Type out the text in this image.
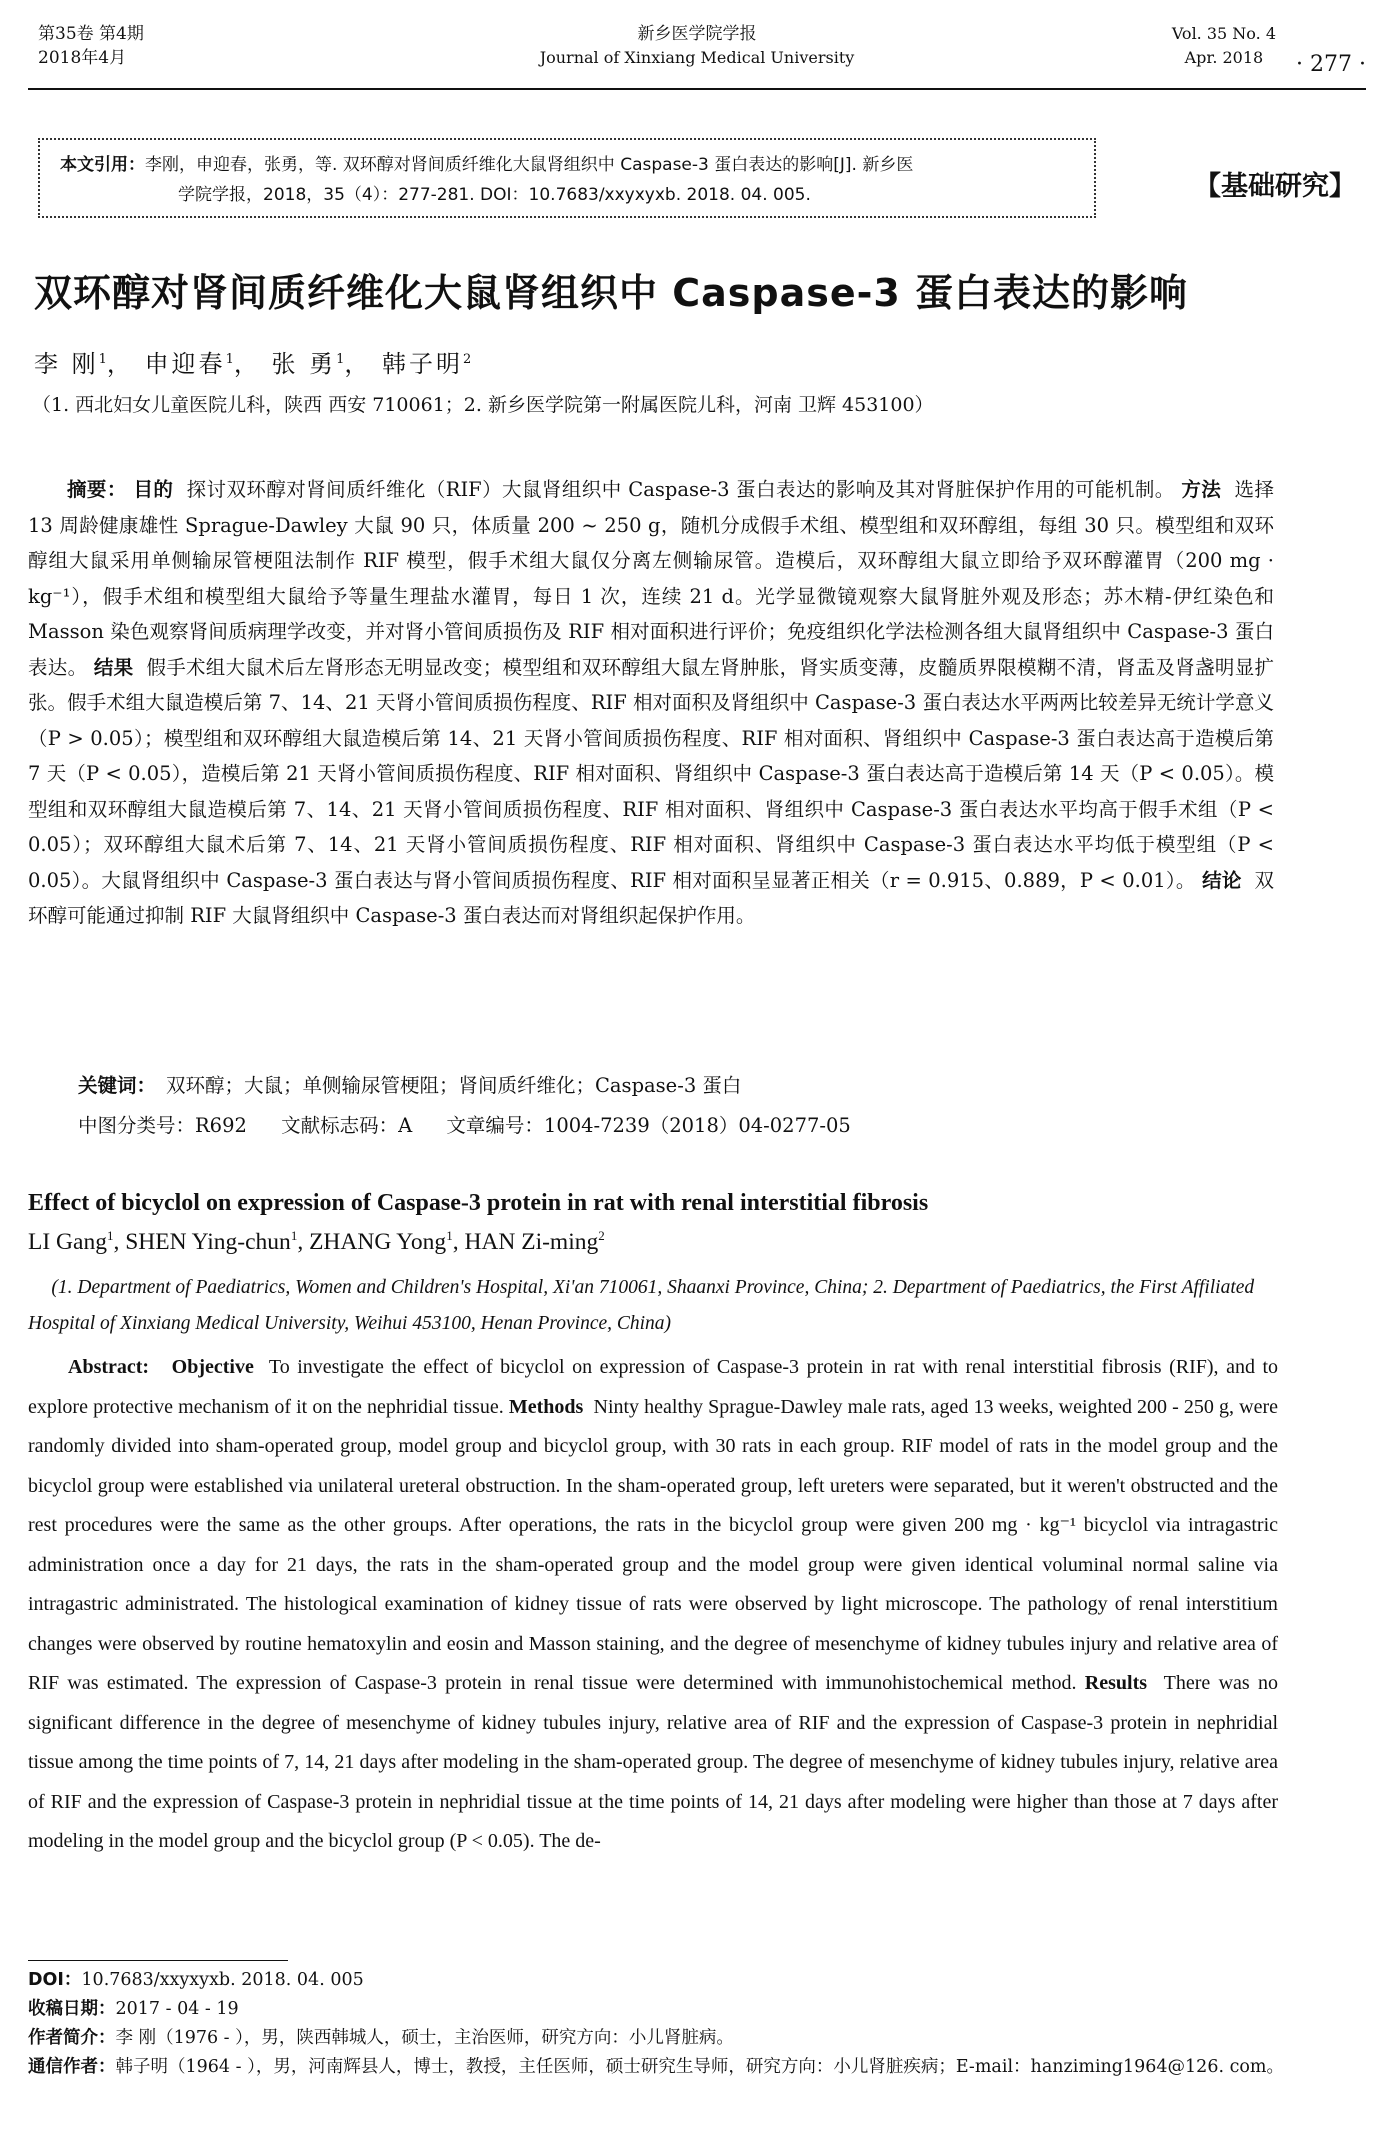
第35卷 第4期
2018年4月
新乡医学院学报
Journal of Xinxiang Medical University
Vol. 35 No. 4
Apr. 2018	· 277 ·
本文引用：李刚，申迎春，张勇，等. 双环醇对肾间质纤维化大鼠肾组织中 Caspase-3 蛋白表达的影响[J]. 新乡医
学院学报，2018，35（4）：277-281. DOI：10.7683/xxyxyxb. 2018. 04. 005.	【基础研究】
双环醇对肾间质纤维化大鼠肾组织中 Caspase-3 蛋白表达的影响
李 刚$^1$， 申迎春$^1$， 张 勇$^1$， 韩子明$^2$
（1. 西北妇女儿童医院儿科，陕西 西安 710061；2. 新乡医学院第一附属医院儿科，河南 卫辉 453100）
摘要： 目的 探讨双环醇对肾间质纤维化（RIF）大鼠肾组织中 Caspase-3 蛋白表达的影响及其对肾脏保护作用的可能机制。 方法 选择 13 周龄健康雄性 Sprague-Dawley 大鼠 90 只，体质量 200 ~ 250 g，随机分成假手术组、模型组和双环醇组，每组 30 只。模型组和双环醇组大鼠采用单侧输尿管梗阻法制作 RIF 模型，假手术组大鼠仅分离左侧输尿管。造模后，双环醇组大鼠立即给予双环醇灌胃（200 mg · kg⁻¹），假手术组和模型组大鼠给予等量生理盐水灌胃，每日 1 次，连续 21 d。光学显微镜观察大鼠肾脏外观及形态；苏木精-伊红染色和 Masson 染色观察肾间质病理学改变，并对肾小管间质损伤及 RIF 相对面积进行评价；免疫组织化学法检测各组大鼠肾组织中 Caspase-3 蛋白表达。 结果 假手术组大鼠术后左肾形态无明显改变；模型组和双环醇组大鼠左肾肿胀，肾实质变薄，皮髓质界限模糊不清，肾盂及肾盏明显扩张。假手术组大鼠造模后第 7、14、21 天肾小管间质损伤程度、RIF 相对面积及肾组织中 Caspase-3 蛋白表达水平两两比较差异无统计学意义（P > 0.05）；模型组和双环醇组大鼠造模后第 14、21 天肾小管间质损伤程度、RIF 相对面积、肾组织中 Caspase-3 蛋白表达高于造模后第 7 天（P < 0.05），造模后第 21 天肾小管间质损伤程度、RIF 相对面积、肾组织中 Caspase-3 蛋白表达高于造模后第 14 天（P < 0.05）。模型组和双环醇组大鼠造模后第 7、14、21 天肾小管间质损伤程度、RIF 相对面积、肾组织中 Caspase-3 蛋白表达水平均高于假手术组（P < 0.05）；双环醇组大鼠术后第 7、14、21 天肾小管间质损伤程度、RIF 相对面积、肾组织中 Caspase-3 蛋白表达水平均低于模型组（P < 0.05）。大鼠肾组织中 Caspase-3 蛋白表达与肾小管间质损伤程度、RIF 相对面积呈显著正相关（r = 0.915、0.889，P < 0.01）。 结论 双环醇可能通过抑制 RIF 大鼠肾组织中 Caspase-3 蛋白表达而对肾组织起保护作用。
关键词： 双环醇；大鼠；单侧输尿管梗阻；肾间质纤维化；Caspase-3 蛋白
中图分类号：R692 文献标志码：A 文章编号：1004-7239（2018）04-0277-05
Effect of bicyclol on expression of Caspase-3 protein in rat with renal interstitial fibrosis
LI Gang$^1$, SHEN Ying-chun$^1$, ZHANG Yong$^1$, HAN Zi-ming$^2$
(1. Department of Paediatrics, Women and Children's Hospital, Xi'an 710061, Shaanxi Province, China; 2. Department of Paediatrics, the First Affiliated Hospital of Xinxiang Medical University, Weihui 453100, Henan Province, China)
Abstract: Objective To investigate the effect of bicyclol on expression of Caspase-3 protein in rat with renal interstitial fibrosis (RIF), and to explore protective mechanism of it on the nephridial tissue. Methods Ninty healthy Sprague-Dawley male rats, aged 13 weeks, weighted 200 - 250 g, were randomly divided into sham-operated group, model group and bicyclol group, with 30 rats in each group. RIF model of rats in the model group and the bicyclol group were established via unilateral ureteral obstruction. In the sham-operated group, left ureters were separated, but it weren't obstructed and the rest procedures were the same as the other groups. After operations, the rats in the bicyclol group were given 200 mg · kg⁻¹ bicyclol via intragastric administration once a day for 21 days, the rats in the sham-operated group and the model group were given identical voluminal normal saline via intragastric administrated. The histological examination of kidney tissue of rats were observed by light microscope. The pathology of renal interstitium changes were observed by routine hematoxylin and eosin and Masson staining, and the degree of mesenchyme of kidney tubules injury and relative area of RIF was estimated. The expression of Caspase-3 protein in renal tissue were determined with immunohistochemical method. Results There was no significant difference in the degree of mesenchyme of kidney tubules injury, relative area of RIF and the expression of Caspase-3 protein in nephridial tissue among the time points of 7, 14, 21 days after modeling in the sham-operated group. The degree of mesenchyme of kidney tubules injury, relative area of RIF and the expression of Caspase-3 protein in nephridial tissue at the time points of 14, 21 days after modeling were higher than those at 7 days after modeling in the model group and the bicyclol group (P < 0.05). The de-
DOI：10.7683/xxyxyxb. 2018. 04. 005
收稿日期：2017 - 04 - 19
作者简介：李 刚（1976 - ），男，陕西韩城人，硕士，主治医师，研究方向：小儿肾脏病。
通信作者：韩子明（1964 - ），男，河南辉县人，博士，教授，主任医师，硕士研究生导师，研究方向：小儿肾脏疾病；E-mail：hanziming1964@126. com。
